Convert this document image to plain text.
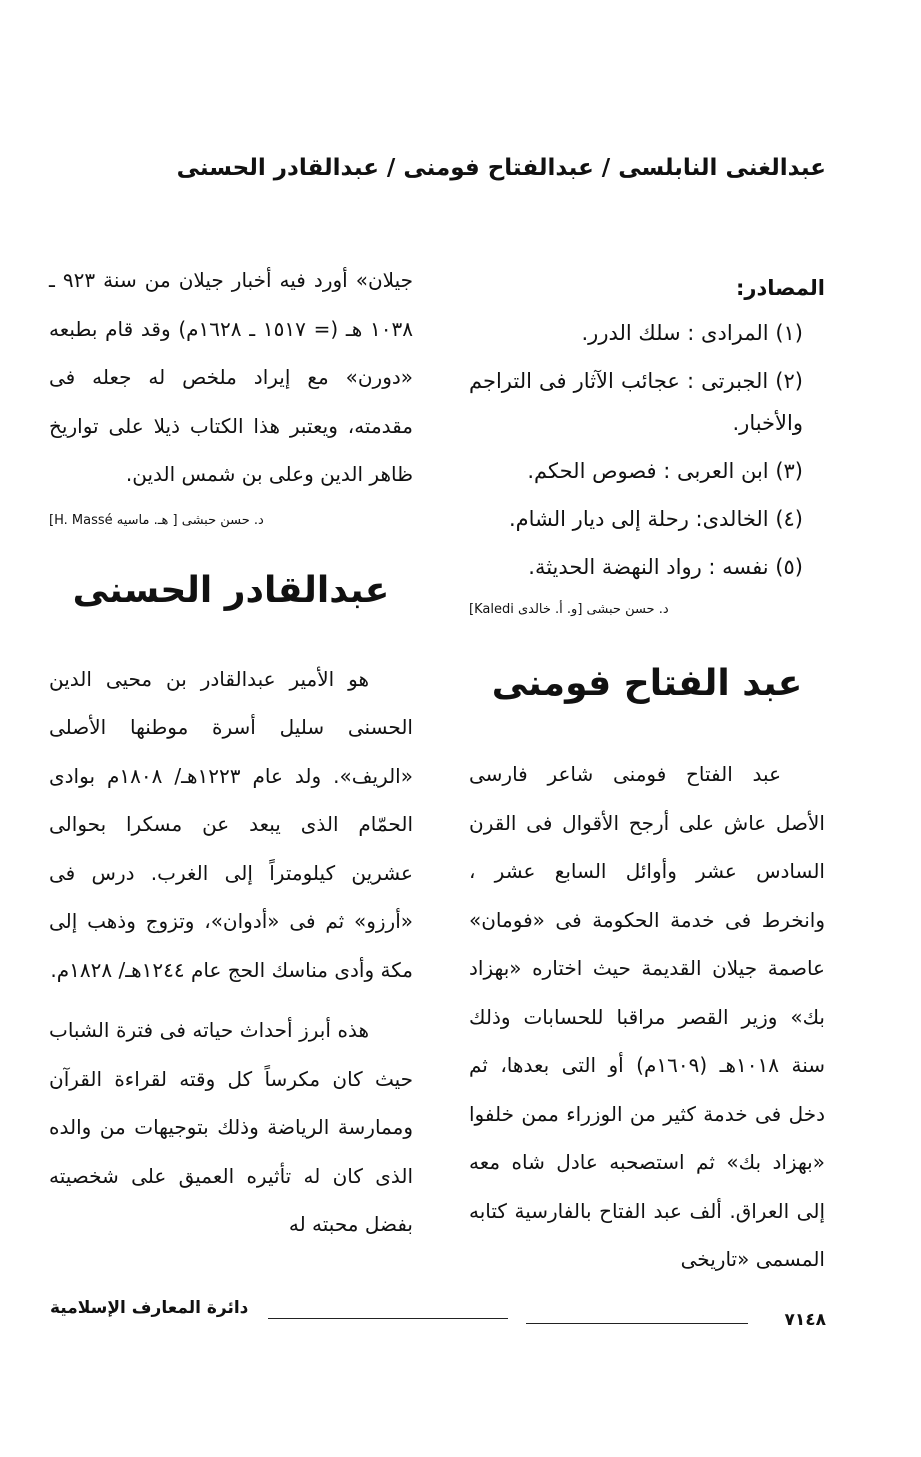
عبدالغنى النابلسى / عبدالفتاح فومنى / عبدالقادر الحسنى

المصادر:

(١) المرادى : سلك الدرر.
(٢) الجبرتى : عجائب الآثار فى التراجم والأخبار.
(٣) ابن العربى : فصوص الحكم.
(٤) الخالدى: رحلة إلى ديار الشام.
(٥) نفسه : رواد النهضة الحديثة.

د. حسن حبشى [و. أ. خالدى Kaledi]

عبد الفتاح فومنى

عبد الفتاح فومنى شاعر فارسى الأصل عاش على أرجح الأقوال فى القرن السادس عشر وأوائل السابع عشر ، وانخرط فى خدمة الحكومة فى «فومان» عاصمة جيلان القديمة حيث اختاره «بهزاد بك» وزير القصر مراقبا للحسابات وذلك سنة ١٠١٨هـ (١٦٠٩م) أو التى بعدها، ثم دخل فى خدمة كثير من الوزراء ممن خلفوا «بهزاد بك» ثم استصحبه عادل شاه معه إلى العراق. ألف عبد الفتاح بالفارسية كتابه المسمى «تاريخى

جيلان» أورد فيه أخبار جيلان من سنة ٩٢٣ ـ ١٠٣٨ هـ (= ١٥١٧ ـ ١٦٢٨م) وقد قام بطبعه «دورن» مع إيراد ملخص له جعله فى مقدمته، ويعتبر هذا الكتاب ذيلا على تواريخ ظاهر الدين وعلى بن شمس الدين.

د. حسن حبشى [ هـ. ماسيه H. Massé]

عبدالقادر الحسنى

هو الأمير عبدالقادر بن محيى الدين الحسنى سليل أسرة موطنها الأصلى «الريف». ولد عام ١٢٢٣هـ/ ١٨٠٨م بوادى الحمّام الذى يبعد عن مسكرا بحوالى عشرين كيلومتراً إلى الغرب. درس فى «أرزو» ثم فى «أدوان»، وتزوج وذهب إلى مكة وأدى مناسك الحج عام ١٢٤٤هـ/ ١٨٢٨م.

هذه أبرز أحداث حياته فى فترة الشباب حيث كان مكرساً كل وقته لقراءة القرآن وممارسة الرياضة وذلك بتوجيهات من والده الذى كان له تأثيره العميق على شخصيته بفضل محبته له

٧١٤٨
دائرة المعارف الإسلامية
